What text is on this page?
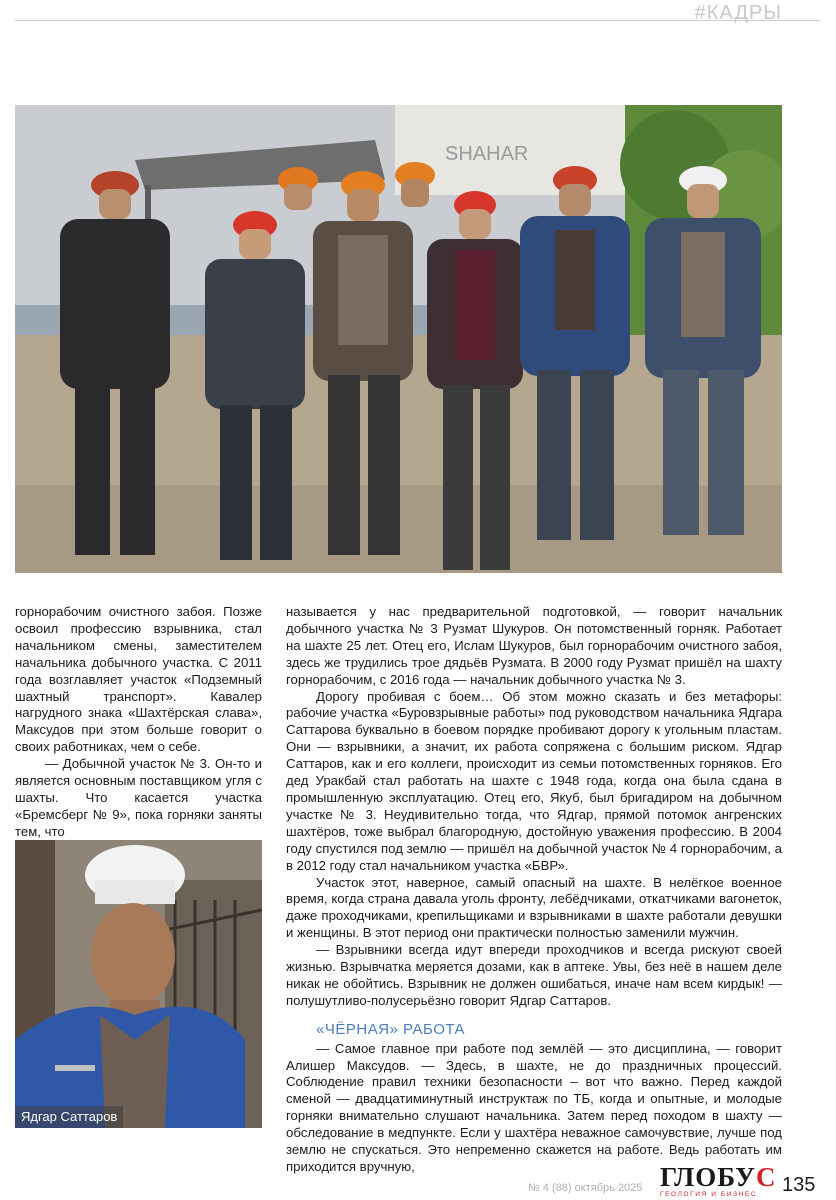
#КАДРЫ
SHAHAR

горнорабочим очистного забоя. Позже освоил профессию взрывника, стал начальником смены, заместителем начальника добычного участка. С 2011 года возглавляет участок «Подземный шахтный транспорт». Кавалер нагрудного знака «Шахтёрская слава», Максудов при этом больше говорит о своих работниках, чем о себе.

— Добычной участок № 3. Он-то и является основным поставщиком угля с шахты. Что касается участка «Бремсберг № 9», пока горняки заняты тем, что

называется у нас предварительной подготовкой, — говорит начальник добычного участка № 3 Рузмат Шукуров. Он потомственный горняк. Работает на шахте 25 лет. Отец его, Ислам Шукуров, был горнорабочим очистного забоя, здесь же трудились трое дядьёв Рузмата. В 2000 году Рузмат пришёл на шахту горнорабочим, с 2016 года — начальник добычного участка № 3.

Дорогу пробивая с боем… Об этом можно сказать и без метафоры: рабочие участка «Буровзрывные работы» под руководством начальника Ядгара Саттарова буквально в боевом порядке пробивают дорогу к угольным пластам. Они — взрывники, а значит, их работа сопряжена с большим риском. Ядгар Саттаров, как и его коллеги, происходит из семьи потомственных горняков. Его дед Уракбай стал работать на шахте с 1948 года, когда она была сдана в промышленную эксплуатацию. Отец его, Якуб, был бригадиром на добычном участке № 3. Неудивительно тогда, что Ядгар, прямой потомок ангренских шахтёров, тоже выбрал благородную, достойную уважения профессию. В 2004 году спустился под землю — пришёл на добычной участок № 4 горнорабочим, а в 2012 году стал начальником участка «БВР».

Участок этот, наверное, самый опасный на шахте. В нелёгкое военное время, когда страна давала уголь фронту, лебёдчиками, откатчиками вагонеток, даже проходчиками, крепильщиками и взрывниками в шахте работали девушки и женщины. В этот период они практически полностью заменили мужчин.

— Взрывники всегда идут впереди проходчиков и всегда рискуют своей жизнью. Взрывчатка меряется дозами, как в аптеке. Увы, без неё в нашем деле никак не обойтись. Взрывник не должен ошибаться, иначе нам всем кирдык! — полушутливо-полусерьёзно говорит Ядгар Саттаров.

«ЧЁРНАЯ» РАБОТА

— Самое главное при работе под землёй — это дисциплина, — говорит Алишер Максудов. — Здесь, в шахте, не до праздничных процессий. Соблюдение правил техники безопасности – вот что важно. Перед каждой сменой — двадцатиминутный инструктаж по ТБ, когда и опытные, и молодые горняки внимательно слушают начальника. Затем перед походом в шахту — обследование в медпункте. Если у шахтёра неважное самочувствие, лучше под землю не спускаться. Это непременно скажется на работе. Ведь работать им приходится вручную,

Ядгар Саттаров
№ 4 (88) октябрь 2025 ГЛОБУС
ГЕОЛОГИЯ И БИЗНЕС 135
